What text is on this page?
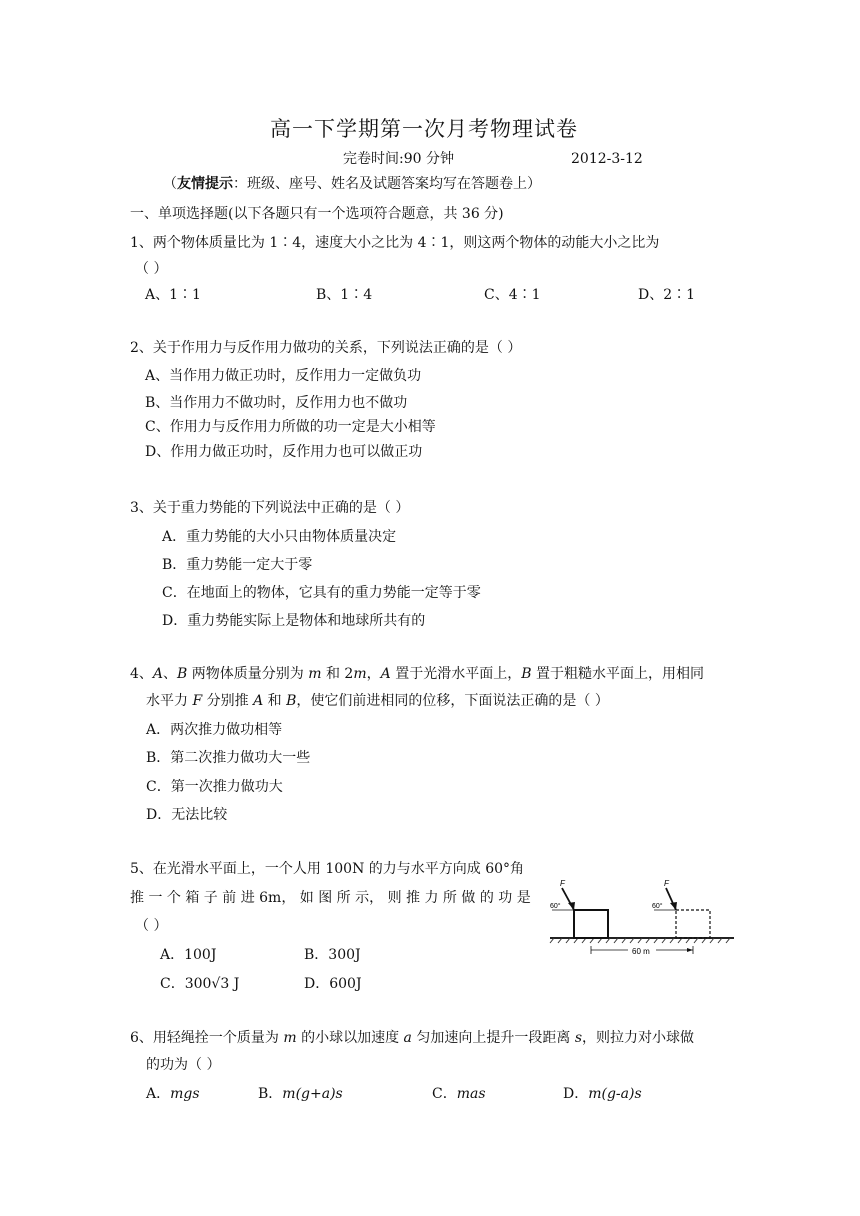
高一下学期第一次月考物理试卷
完卷时间:90 分钟	2012-3-12
（友情提示：班级、座号、姓名及试题答案均写在答题卷上）
一、单项选择题(以下各题只有一个选项符合题意，共 36 分)
1、两个物体质量比为 1∶4，速度大小之比为 4∶1，则这两个物体的动能大小之比为
（ ）
A、1∶1	B、1∶4	C、4∶1	D、2∶1
2、关于作用力与反作用力做功的关系，下列说法正确的是（ ）
A、当作用力做正功时，反作用力一定做负功
B、当作用力不做功时，反作用力也不做功
C、作用力与反作用力所做的功一定是大小相等
D、作用力做正功时，反作用力也可以做正功
3、关于重力势能的下列说法中正确的是（ ）
A．重力势能的大小只由物体质量决定
B．重力势能一定大于零
C．在地面上的物体，它具有的重力势能一定等于零
D．重力势能实际上是物体和地球所共有的
4、A、B 两物体质量分别为 m 和 2m，A 置于光滑水平面上，B 置于粗糙水平面上，用相同
水平力 F 分别推 A 和 B，使它们前进相同的位移，下面说法正确的是（ ）
A．两次推力做功相等
B．第二次推力做功大一些
C．第一次推力做功大
D．无法比较
5、在光滑水平面上，一个人用 100N 的力与水平方向成 60°角
推 一 个 箱 子 前 进 6m， 如 图 所 示， 则 推 力 所 做 的 功 是
（ ）
A．100J	B．300J
C．300√3 J	D．600J
F
60°
F
60°
60 m
6、用轻绳拴一个质量为 m 的小球以加速度 a 匀加速向上提升一段距离 s，则拉力对小球做
的功为（ ）
A．mgs	B．m(g+a)s	C．mas	D．m(g-a)s
